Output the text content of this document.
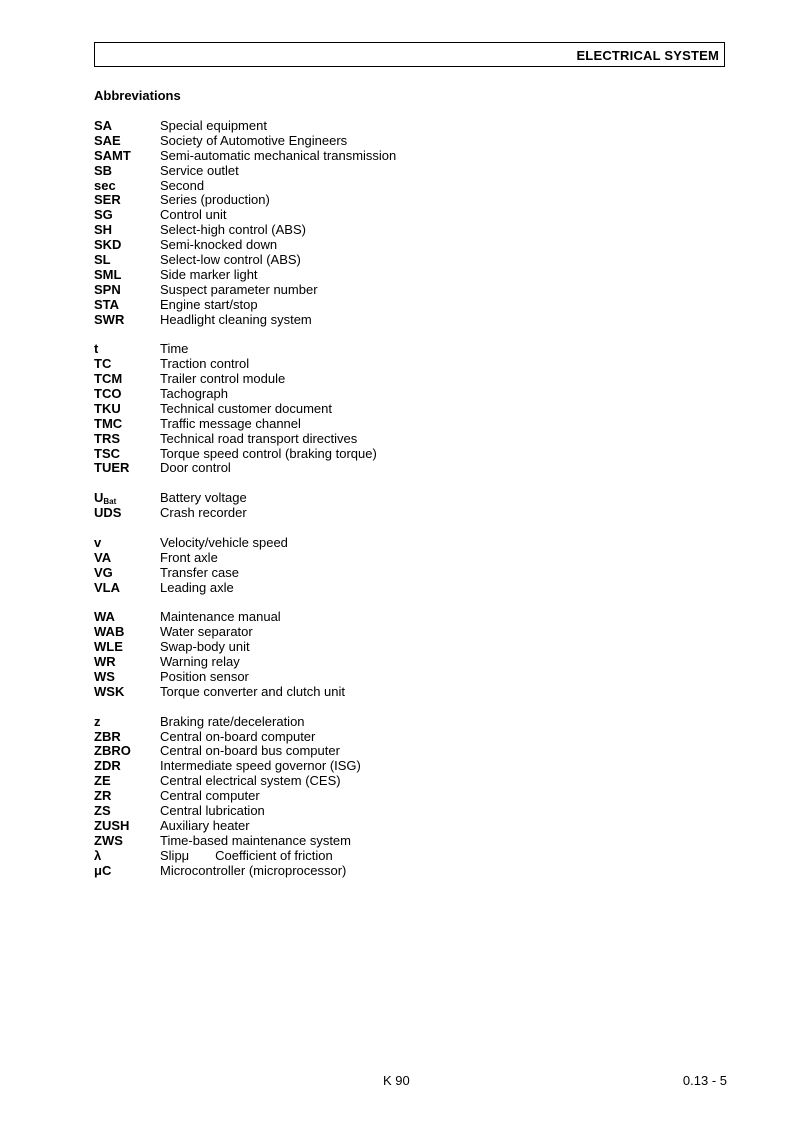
ELECTRICAL SYSTEM
Abbreviations
SA	Special equipment
SAE	Society of Automotive Engineers
SAMT Semi-automatic mechanical transmission
SB	Service outlet
sec	Second
SER	Series (production)
SG	Control unit
SH	Select-high control (ABS)
SKD	Semi-knocked down
SL	Select-low control (ABS)
SML	Side marker light
SPN	Suspect parameter number
STA	Engine start/stop
SWR	Headlight cleaning system
t	Time
TC	Traction control
TCM	Trailer control module
TCO	Tachograph
TKU	Technical customer document
TMC	Traffic message channel
TRS	Technical road transport directives
TSC	Torque speed control (braking torque)
TUER Door control
$U_{Bat}$	Battery voltage
UDS	Crash recorder
v	Velocity/vehicle speed
VA	Front axle
VG	Transfer case
VLA	Leading axle
WA	Maintenance manual
WAB	Water separator
WLE	Swap-body unit
WR	Warning relay
WS	Position sensor
WSK	Torque converter and clutch unit
z	Braking rate/deceleration
ZBR	Central on-board computer
ZBRO Central on-board bus computer
ZDR	Intermediate speed governor (ISG)
ZE	Central electrical system (CES)
ZR	Central computer
ZS	Central lubrication
ZUSH Auxiliary heater
ZWS	Time-based maintenance system
λ	Slipμ Coefficient of friction
μC	Microcontroller (microprocessor)
K 90	0.13 - 5
